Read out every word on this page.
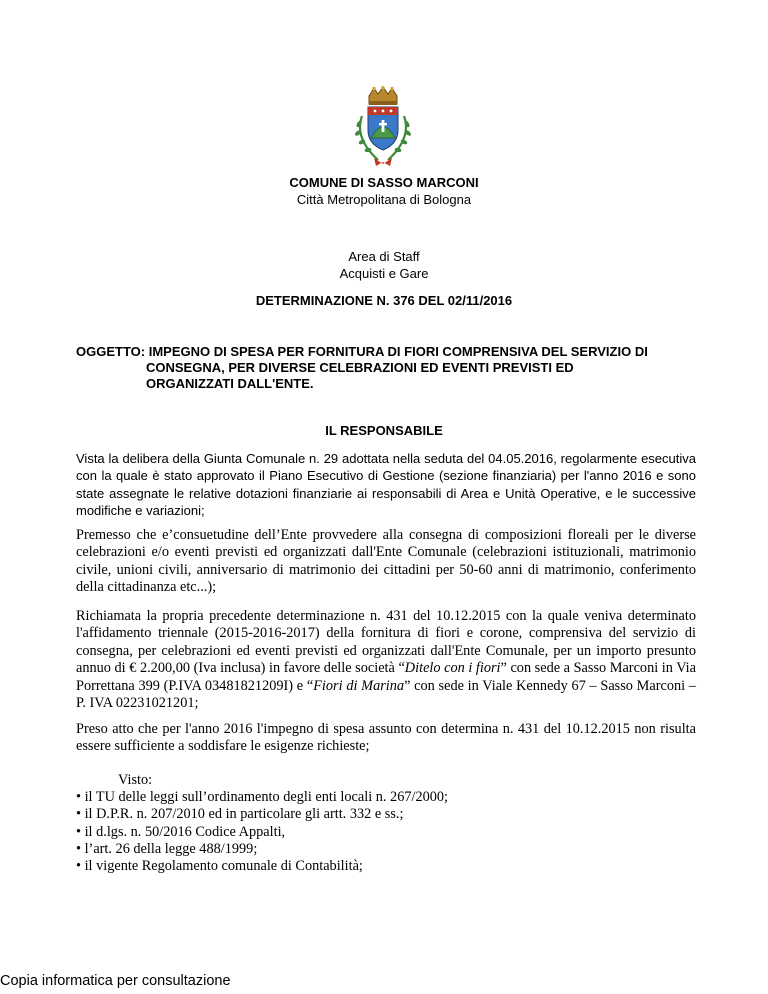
COMUNE DI SASSO MARCONI
Città Metropolitana di Bologna
Area di Staff
Acquisti e Gare
DETERMINAZIONE N. 376 DEL 02/11/2016
OGGETTO: IMPEGNO DI SPESA PER FORNITURA DI FIORI COMPRENSIVA DEL SERVIZIO DI
CONSEGNA, PER DIVERSE CELEBRAZIONI ED EVENTI PREVISTI ED
ORGANIZZATI DALL'ENTE.
IL RESPONSABILE
Vista la delibera della Giunta Comunale n. 29 adottata nella seduta del 04.05.2016, regolarmente esecutiva con la quale è stato approvato il Piano Esecutivo di Gestione (sezione finanziaria) per l'anno 2016 e sono state assegnate le relative dotazioni finanziarie ai responsabili di Area e Unità Operative, e le successive modifiche e variazioni;
Premesso che e’consuetudine dell’Ente provvedere alla consegna di composizioni floreali per le diverse celebrazioni e/o eventi previsti ed organizzati dall'Ente Comunale (celebrazioni istituzionali, matrimonio civile, unioni civili, anniversario di matrimonio dei cittadini per 50-60 anni di matrimonio, conferimento della cittadinanza etc...);
Richiamata la propria precedente determinazione n. 431 del 10.12.2015 con la quale veniva determinato l'affidamento triennale (2015-2016-2017) della fornitura di fiori e corone, comprensiva del servizio di consegna, per celebrazioni ed eventi previsti ed organizzati dall'Ente Comunale, per un importo presunto annuo di € 2.200,00 (Iva inclusa) in favore delle società “Ditelo con i fiori” con sede a Sasso Marconi in Via Porrettana 399 (P.IVA 03481821209I) e “Fiori di Marina” con sede in Viale Kennedy 67 – Sasso Marconi – P. IVA 02231021201;
Preso atto che per l'anno 2016 l'impegno di spesa assunto con determina n. 431 del 10.12.2015 non risulta essere sufficiente a soddisfare le esigenze richieste;
Visto:
• il TU delle leggi sull’ordinamento degli enti locali n. 267/2000;
• il D.P.R. n. 207/2010 ed in particolare gli artt. 332 e ss.;
• il d.lgs. n. 50/2016 Codice Appalti,
• l’art. 26 della legge 488/1999;
• il vigente Regolamento comunale di Contabilità;
Copia informatica per consultazione
